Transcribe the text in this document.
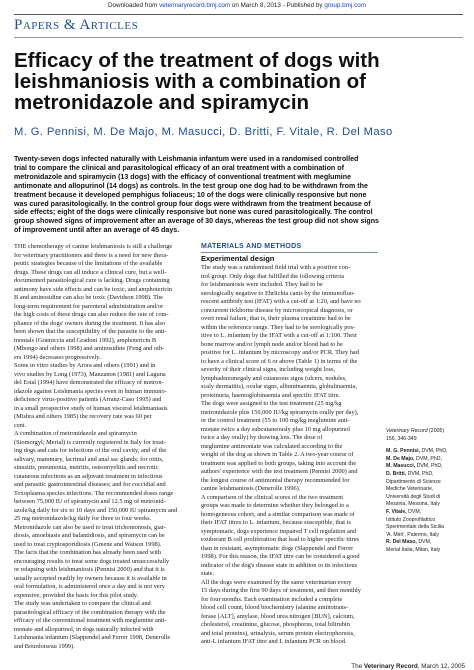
Downloaded from veterinaryrecord.bmj.com on March 8, 2013 - Published by group.bmj.com
Papers & Articles
Efficacy of the treatment of dogs with
leishmaniosis with a combination of
metronidazole and spiramycin
M. G. Pennisi, M. De Majo, M. Masucci, D. Britti, F. Vitale, R. Del Maso
Twenty-seven dogs infected naturally with Leishmania infantum were used in a randomised controlled
trial to compare the clinical and parasitological efficacy of an oral treatment with a combination of
metronidazole and spiramycin (13 dogs) with the efficacy of conventional treatment with meglumine
antimonate and allopurinol (14 dogs) as controls. In the test group one dog had to be withdrawn from the
treatment because it developed pemphigus foliaceus; 10 of the dogs were clinically responsive but none
was cured parasitologically. In the control group four dogs were withdrawn from the treatment because of
side effects; eight of the dogs were clinically responsive but none was cured parasitologically. The control
group showed signs of improvement after an average of 30 days, whereas the test group did not show signs
of improvement until after an average of 45 days.
THE chemotherapy of canine leishmaniosis is still a challenge
for veterinary practitioners and there is a need for new thera-
peutic strategies because of the limitations of the available
drugs. These drugs can all induce a clinical cure, but a well-
documented parasitological cure is lacking. Drugs containing
antimony have side effects and can be toxic, and amphotericin
B and aminosidine can also be toxic (Davidson 1998). The
long-term requirement for parenteral administration and/or
the high costs of these drugs can also reduce the rate of com-
pliance of the dogs' owners during the treatment. It has also
been shown that the susceptibility of the parasite to the anti-
monials (Gramiccia and Gradoni 1992), amphotericin B
(Mbongo and others 1998) and aminosidine (Feng and oth-
ers 1994) decreases progressively.
Some in vitro studies by Arora and others (1991) and in
vivo studies by Long (1973), Manzanon (1981) and Laguna
del Estal (1994) have demonstrated the efficacy of metron-
idazole against Leishmania species even in human immuno-
deficiency virus-positive patients (Arranz-Caso 1995) and
in a small prospective study of human visceral leishmaniasis
(Mishra and others 1985) the recovery rate was 60 per
cent.
A combination of metronidazole and spiramycin
(Stomorgyl; Merial) is currently registered in Italy for treat-
ing dogs and cats for infections of the oral cavity, and of the
salivary, mammary, lacrimal and anal sac glands; for otitis,
sinusitis, pneumonia, metritis, osteomyelitis and necrotic
cutaneous infections as an adjuvant treatment in infectious
and parasitic gastrointestinal diseases; and for coccidial and
Toxoplasma species infections. The recommended doses range
between 75,000 IU of spiramycin and 12.5 mg of metronid-
azole/kg daily for six to 10 days and 150,000 IU spiramycin and
25 mg metronidazole/kg daily for three to four weeks.
Metronidazole can also be used to treat trichomonosis, giar-
diosis, amoebiasis and balantidiosis, and spiramycin can be
used to treat cryptosporidiosis (Greene and Watson 1998).
The facts that the combination has already been used with
encouraging results to treat some dogs treated unsuccessfully
or relapsing with leishmaniosis (Pennisi 2000) and that it is
usually accepted readily by owners because it is available in
oral formulation, is administered once a day and is not very
expensive, provided the basis for this pilot study.
The study was undertaken to compare the clinical and
parasitological efficacy of the combination therapy with the
efficacy of the conventional treatment with meglumine anti-
monate and allopurinol, in dogs naturally infected with
Leishmania infantum (Slappendel and Ferrer 1998, Denerolle
and Bourdoiseau 1999).
MATERIALS AND METHODS
Experimental design
The study was a randomised field trial with a positive con-
trol group. Only dogs that fulfilled the following criteria
for leishmaniosis were included. They had to be
serologically negative to Ehrlichia canis by the immunofluo-
rescent antibody test (IFAT) with a cut-off at 1:20, and have no
concurrent tickborne disease by microscopical diagnosis, or
overt renal failure, that is, their plasma creatinine had to be
within the reference range. They had to be serologically pos-
itive to L. infantum by the IFAT with a cut-off at 1:100. Their
bone marrow and/or lymph node and/or blood had to be
positive for L. infantum by microscopy and/or PCR. They had
to have a clinical score of 6 or above (Table 1) in terms of the
severity of their clinical signs, including weight loss,
lymphadenomegaly and cutaneous signs (ulcers, nodules,
scaly dermatitis), ocular signs, albuminaemia, globulinaemia,
proteinuria, haemoglobinaemia and specific IFAT titre.
The dogs were assigned to the test treatment (25 mg/kg
metronidazole plus 150,000 IU/kg spiramycin orally per day),
or the control treatment (55 to 100 mg/kg meglumine anti-
monate twice a day subcutaneously plus 10 mg allopurinol
twice a day orally) by drawing lots. The dose of
meglumine antimoniate was calculated according to the
weight of the dog as shown in Table 2. A two-year course of
treatment was applied to both groups, taking into account the
authors' experience with the test treatment (Pennisi 2000) and
the longest course of antimonial therapy recommended for
canine leishmaniosis (Denerolle 1996).
A comparison of the clinical scores of the two treatment
groups was made to determine whether they belonged to a
homogeneous cohort, and a similar comparison was made of
their IFAT titres to L. infantum, because susceptible, that is
symptomatic, dogs experience impaired T cell regulation and
exuberant B cell proliferation that lead to higher specific titres
than in resistant, asymptomatic dogs (Slappendel and Ferrer
1998). For this reason, the IFAT titre can be considered a good
indicator of the dog's disease state in addition to its infectious
state.
All the dogs were examined by the same veterinarian every
15 days during the first 90 days of treatment, and then monthly
for four months. Each examination included a complete
blood cell count, blood biochemistry (alanine aminotrans-
ferase [ALT], amylase, blood urea nitrogen [BUN], calcium,
cholesterol, creatinine, glucose, phosphorus, total bilirubin
and total proteins), urinalysis, serum protein electrophoresis,
anti-L infantum IFAT titre and L infantum PCR on blood.
Veterinary Record (2005)
156, 346-349
M. G. Pennisi, DVM, PhD,
M. De Majo, DVM, PhD,
M. Masucci, DVM, PhD,
D. Britti, DVM, PhD,
Dipartimento di Scienze
Mediche Veterinarie,
Università degli Studi di
Messina, Messina, Italy
F. Vitale, DVM,
Istituto Zooprofilattico
Sperimentale della Sicilia
'A. Mirri', Palermo, Italy
R. Del Maso, DVM,
Merial Italia, Milan, Italy
The Veterinary Record, March 12, 2005
